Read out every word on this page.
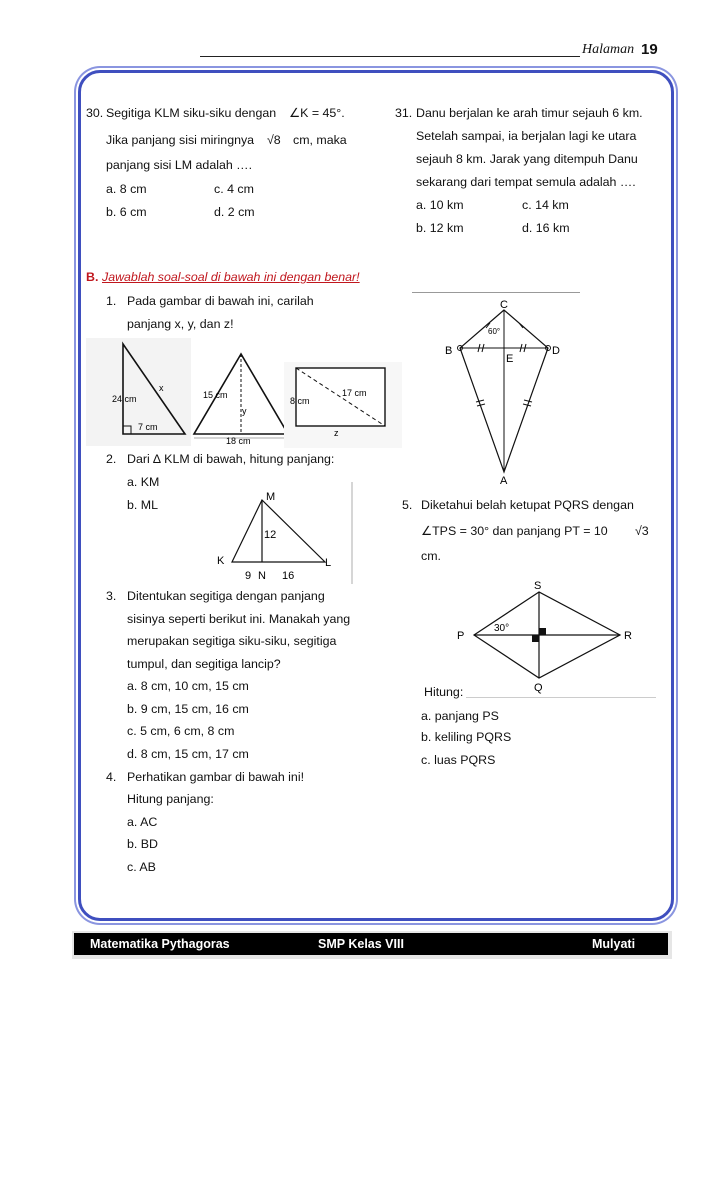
Halaman 19
30. Segitiga KLM siku-siku dengan ∠K = 45°.
Jika panjang sisi miringnya √8 cm, maka
panjang sisi LM adalah ….
a. 8 cm	c. 4 cm
b. 6 cm	d. 2 cm
31. Danu berjalan ke arah timur sejauh 6 km.
Setelah sampai, ia berjalan lagi ke utara
sejauh 8 km. Jarak yang ditempuh Danu
sekarang dari tempat semula adalah ….
a. 10 km	c. 14 km
b. 12 km	d. 16 km
B. Jawablah soal-soal di bawah ini dengan benar!
1. Pada gambar di bawah ini, carilah
panjang x, y, dan z!
24 cm
7 cm
x
15 cm
y
18 cm
8 cm
17 cm
z
2. Dari ∆ KLM di bawah, hitung panjang:
a. KM
b. ML
M
K	L
N
12
9	16
3. Ditentukan segitiga dengan panjang
sisinya seperti berikut ini. Manakah yang
merupakan segitiga siku-siku, segitiga
tumpul, dan segitiga lancip?
a. 8 cm, 10 cm, 15 cm
b. 9 cm, 15 cm, 16 cm
c. 5 cm, 6 cm, 8 cm
d. 8 cm, 15 cm, 17 cm
4. Perhatikan gambar di bawah ini!
Hitung panjang:
a. AC
b. BD
c. AB
C
B	D
E
A
60°
5. Diketahui belah ketupat PQRS dengan
∠TPS = 30° dan panjang PT = 10 √3
cm.
S
P	R
Q
30°
Hitung:
a. panjang PS
b. keliling PQRS
c. luas PQRS
Matematika Pythagoras	SMP Kelas VIII	Mulyati
